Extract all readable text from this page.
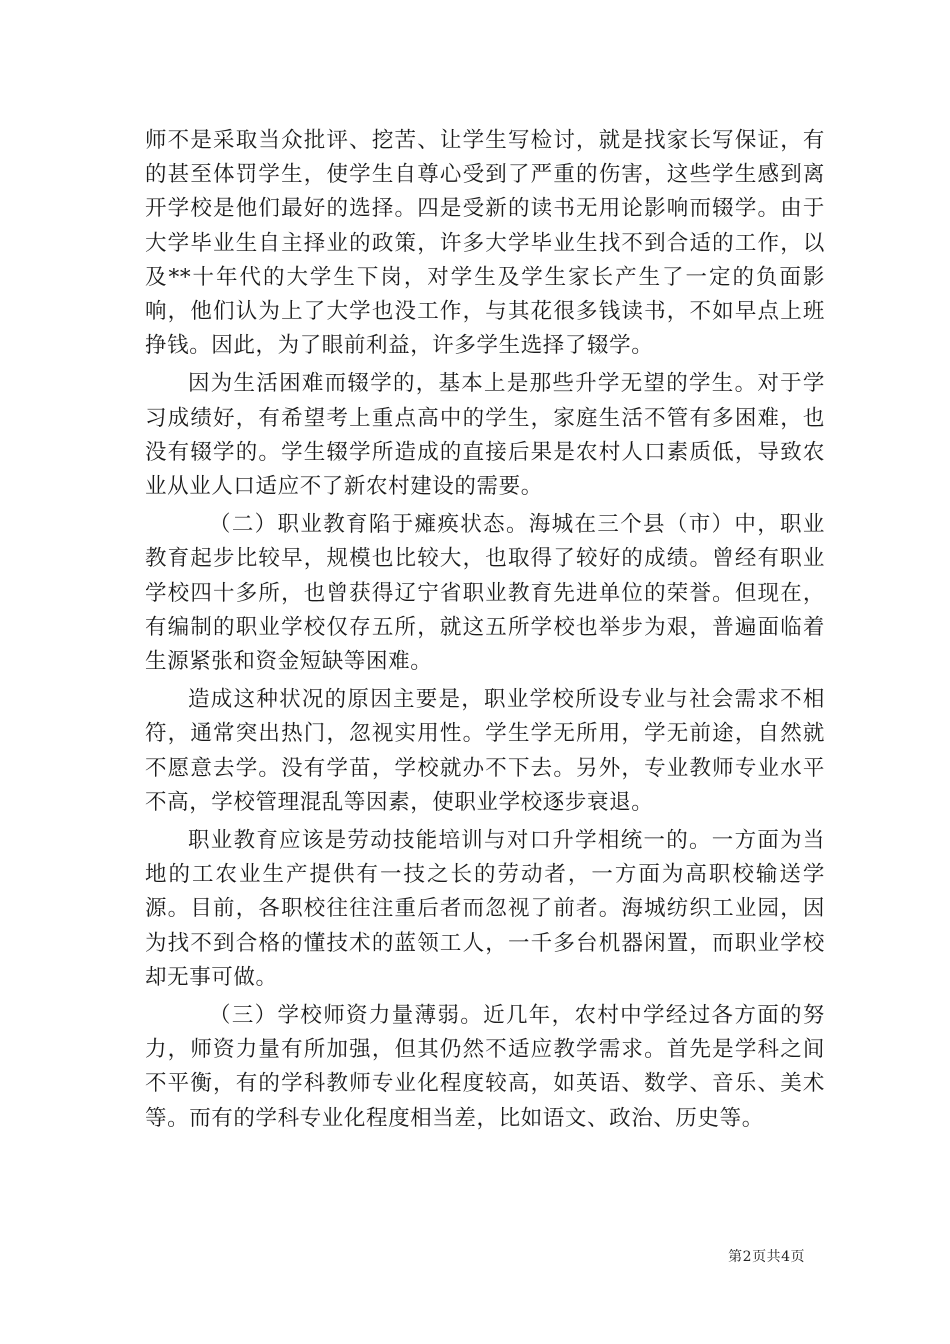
师不是采取当众批评、挖苦、让学生写检讨，就是找家长写保证，有的甚至体罚学生，使学生自尊心受到了严重的伤害，这些学生感到离开学校是他们最好的选择。四是受新的读书无用论影响而辍学。由于大学毕业生自主择业的政策，许多大学毕业生找不到合适的工作，以及**十年代的大学生下岗，对学生及学生家长产生了一定的负面影响，他们认为上了大学也没工作，与其花很多钱读书，不如早点上班挣钱。因此，为了眼前利益，许多学生选择了辍学。

因为生活困难而辍学的，基本上是那些升学无望的学生。对于学习成绩好，有希望考上重点高中的学生，家庭生活不管有多困难，也没有辍学的。学生辍学所造成的直接后果是农村人口素质低，导致农业从业人口适应不了新农村建设的需要。

（二）职业教育陷于瘫痪状态。海城在三个县（市）中，职业教育起步比较早，规模也比较大，也取得了较好的成绩。曾经有职业学校四十多所，也曾获得辽宁省职业教育先进单位的荣誉。但现在，有编制的职业学校仅存五所，就这五所学校也举步为艰，普遍面临着生源紧张和资金短缺等困难。

造成这种状况的原因主要是，职业学校所设专业与社会需求不相符，通常突出热门，忽视实用性。学生学无所用，学无前途，自然就不愿意去学。没有学苗，学校就办不下去。另外，专业教师专业水平不高，学校管理混乱等因素，使职业学校逐步衰退。

职业教育应该是劳动技能培训与对口升学相统一的。一方面为当地的工农业生产提供有一技之长的劳动者，一方面为高职校输送学源。目前，各职校往往注重后者而忽视了前者。海城纺织工业园，因为找不到合格的懂技术的蓝领工人，一千多台机器闲置，而职业学校却无事可做。

（三）学校师资力量薄弱。近几年，农村中学经过各方面的努力，师资力量有所加强，但其仍然不适应教学需求。首先是学科之间不平衡，有的学科教师专业化程度较高，如英语、数学、音乐、美术等。而有的学科专业化程度相当差，比如语文、政治、历史等。

第2页共4页
